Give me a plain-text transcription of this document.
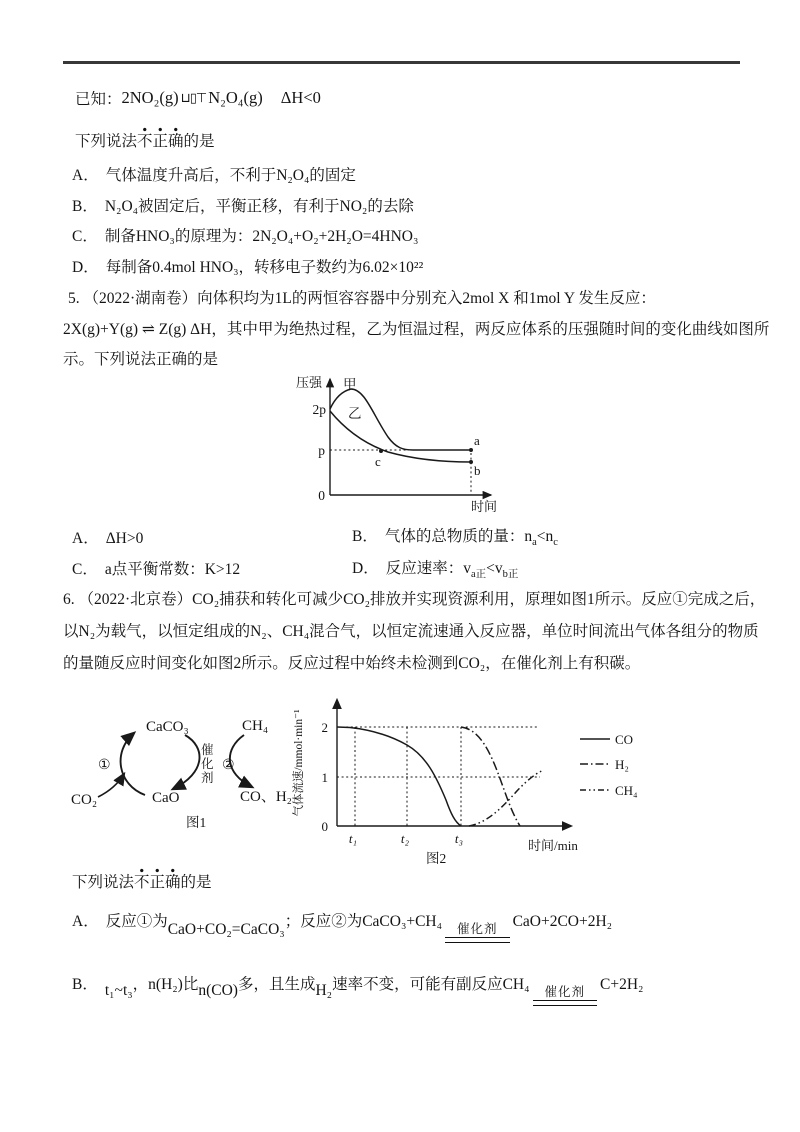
已知：2NO₂(g) ⊔▯⊤ N₂O₄(g) ΔH<0
下列说法不正确的是
A． 气体温度升高后，不利于N₂O₄的固定
B． N₂O₄被固定后，平衡正移，有利于NO₂的去除
C． 制备HNO₃的原理为：2N₂O₄+O₂+2H₂O=4HNO₃
D． 每制备0.4mol HNO₃，转移电子数约为6.02×10²²
5. （2022·湖南卷）向体积均为1L的两恒容容器中分别充入2mol X 和1mol Y 发生反应：
2X(g)+Y(g) ⇌ Z(g) ΔH，其中甲为绝热过程，乙为恒温过程，两反应体系的压强随时间的变化曲线如图所
示。下列说法正确的是
压强 甲
乙
2p
p
0
a
b
c
时间
A． ΔH>0	B． 气体的总物质的量：$n_a<n_c$
C． a点平衡常数：K>12	D． 反应速率：$v_{a正}<v_{b正}$
6. （2022·北京卷）CO₂捕获和转化可减少CO₂排放并实现资源利用，原理如图1所示。反应①完成之后，
以N₂为载气，以恒定组成的N₂、CH₄混合气，以恒定流速通入反应器，单位时间流出气体各组分的物质
的量随反应时间变化如图2所示。反应过程中始终未检测到CO₂，在催化剂上有积碳。
CaCO₃	CH₄
CO₂	CaO	CO、H₂
①	②
催
化
剂
图1
气体流速/mmol·min⁻¹
0
1
2
t₁	t₂	t₃	时间/min
图2
CO
H₂
CH₄
下列说法不正确的是
A． 反应①为CaO+CO₂=CaCO₃；反应②为CaCO₃+CH₄	催化剂 CaO+2CO+2H₂
B． t₁~t₃，n(H₂)比n(CO)多，且生成H₂速率不变，可能有副反应CH₄	催化剂 C+2H₂
